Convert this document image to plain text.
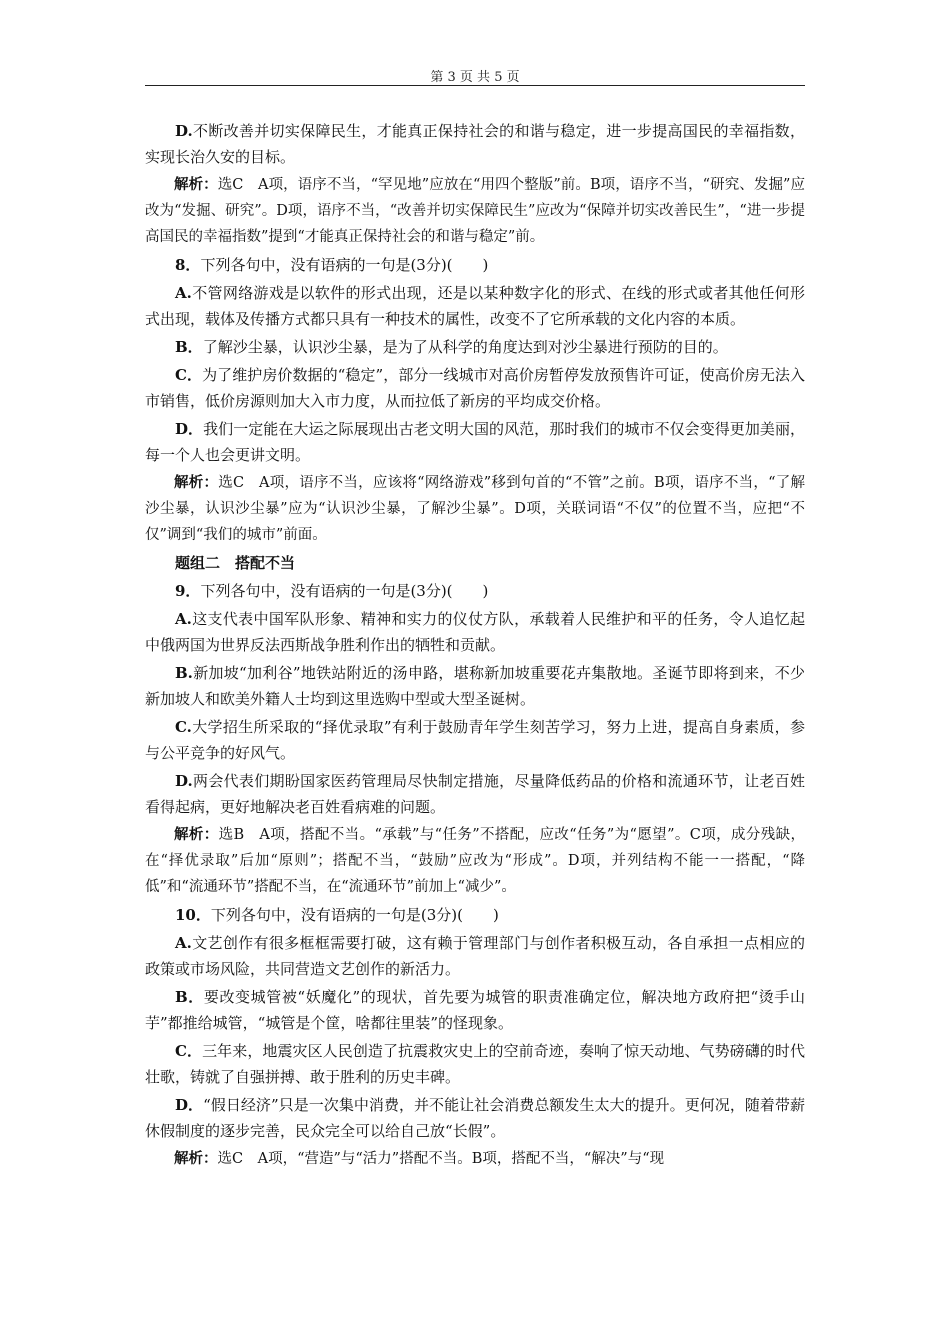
第 3 页 共 5 页

D.不断改善并切实保障民生，才能真正保持社会的和谐与稳定，进一步提高国民的幸福指数，实现长治久安的目标。

解析：选C　A项，语序不当，“罕见地”应放在“用四个整版”前。B项，语序不当，“研究、发掘”应改为“发掘、研究”。D项，语序不当，“改善并切实保障民生”应改为“保障并切实改善民生”，“进一步提高国民的幸福指数”提到“才能真正保持社会的和谐与稳定”前。

8．下列各句中，没有语病的一句是(3分)(　　)

A.不管网络游戏是以软件的形式出现，还是以某种数字化的形式、在线的形式或者其他任何形式出现，载体及传播方式都只具有一种技术的属性，改变不了它所承载的文化内容的本质。

B．了解沙尘暴，认识沙尘暴，是为了从科学的角度达到对沙尘暴进行预防的目的。

C．为了维护房价数据的“稳定”，部分一线城市对高价房暂停发放预售许可证，使高价房无法入市销售，低价房源则加大入市力度，从而拉低了新房的平均成交价格。

D．我们一定能在大运之际展现出古老文明大国的风范，那时我们的城市不仅会变得更加美丽，每一个人也会更讲文明。

解析：选C　A项，语序不当，应该将“网络游戏”移到句首的“不管”之前。B项，语序不当，“了解沙尘暴，认识沙尘暴”应为“认识沙尘暴，了解沙尘暴”。D项，关联词语“不仅”的位置不当，应把“不仅”调到“我们的城市”前面。

题组二　搭配不当

9．下列各句中，没有语病的一句是(3分)(　　)

A.这支代表中国军队形象、精神和实力的仪仗方队，承载着人民维护和平的任务，令人追忆起中俄两国为世界反法西斯战争胜利作出的牺牲和贡献。

B.新加坡“加利谷”地铁站附近的汤申路，堪称新加坡重要花卉集散地。圣诞节即将到来，不少新加坡人和欧美外籍人士均到这里选购中型或大型圣诞树。

C.大学招生所采取的“择优录取”有利于鼓励青年学生刻苦学习，努力上进，提高自身素质，参与公平竞争的好风气。

D.两会代表们期盼国家医药管理局尽快制定措施，尽量降低药品的价格和流通环节，让老百姓看得起病，更好地解决老百姓看病难的问题。

解析：选B　A项，搭配不当。“承载”与“任务”不搭配，应改“任务”为“愿望”。C项，成分残缺，在“择优录取”后加“原则”；搭配不当，“鼓励”应改为“形成”。D项，并列结构不能一一搭配，“降低”和“流通环节”搭配不当，在“流通环节”前加上“减少”。

10．下列各句中，没有语病的一句是(3分)(　　)

A.文艺创作有很多框框需要打破，这有赖于管理部门与创作者积极互动，各自承担一点相应的政策或市场风险，共同营造文艺创作的新活力。

B．要改变城管被“妖魔化”的现状，首先要为城管的职责准确定位，解决地方政府把“烫手山芋”都推给城管，“城管是个筐，啥都往里装”的怪现象。

C．三年来，地震灾区人民创造了抗震救灾史上的空前奇迹，奏响了惊天动地、气势磅礴的时代壮歌，铸就了自强拼搏、敢于胜利的历史丰碑。

D．“假日经济”只是一次集中消费，并不能让社会消费总额发生太大的提升。更何况，随着带薪休假制度的逐步完善，民众完全可以给自己放“长假”。

解析：选C　A项，“营造”与“活力”搭配不当。B项，搭配不当，“解决”与“现
